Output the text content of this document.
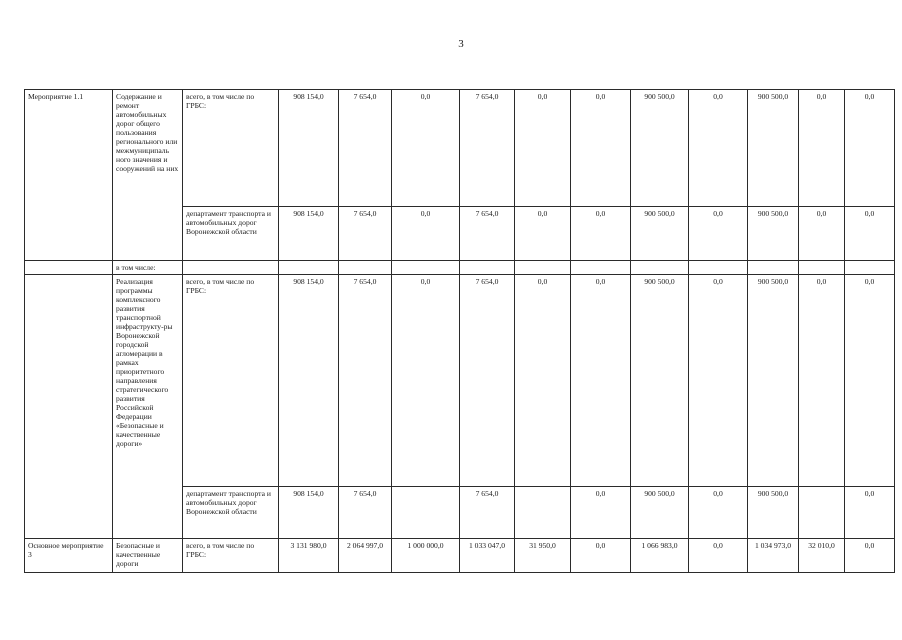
3
Мероприятие 1.1	Содержание и ремонт автомобильных дорог общего пользования регионального или межмуниципаль ного значения и сооружений на них	всего, в том числе по ГРБС:	908 154,0	7 654,0	0,0	7 654,0	0,0	0,0	900 500,0	0,0	900 500,0	0,0	0,0
		департамент транспорта и автомобильных дорог Воронежской области	908 154,0	7 654,0	0,0	7 654,0	0,0	0,0	900 500,0	0,0	900 500,0	0,0	0,0
	в том числе:												
	Реализация программы комплексного развития транспортной инфраструкту-ры Воронежской городской агломерации в рамках приоритетного направления стратегического развития Российской Федерации «Безопасные и качественные дороги»	всего, в том числе по ГРБС:	908 154,0	7 654,0	0,0	7 654,0	0,0	0,0	900 500,0	0,0	900 500,0	0,0	0,0
		департамент транспорта и автомобильных дорог Воронежской области	908 154,0	7 654,0		7 654,0		0,0	900 500,0	0,0	900 500,0		0,0
Основное мероприятие 3	Безопасные и качественные дороги	всего, в том числе по ГРБС:	3 131 980,0	2 064 997,0	1 000 000,0	1 033 047,0	31 950,0	0,0	1 066 983,0	0,0	1 034 973,0	32 010,0	0,0
